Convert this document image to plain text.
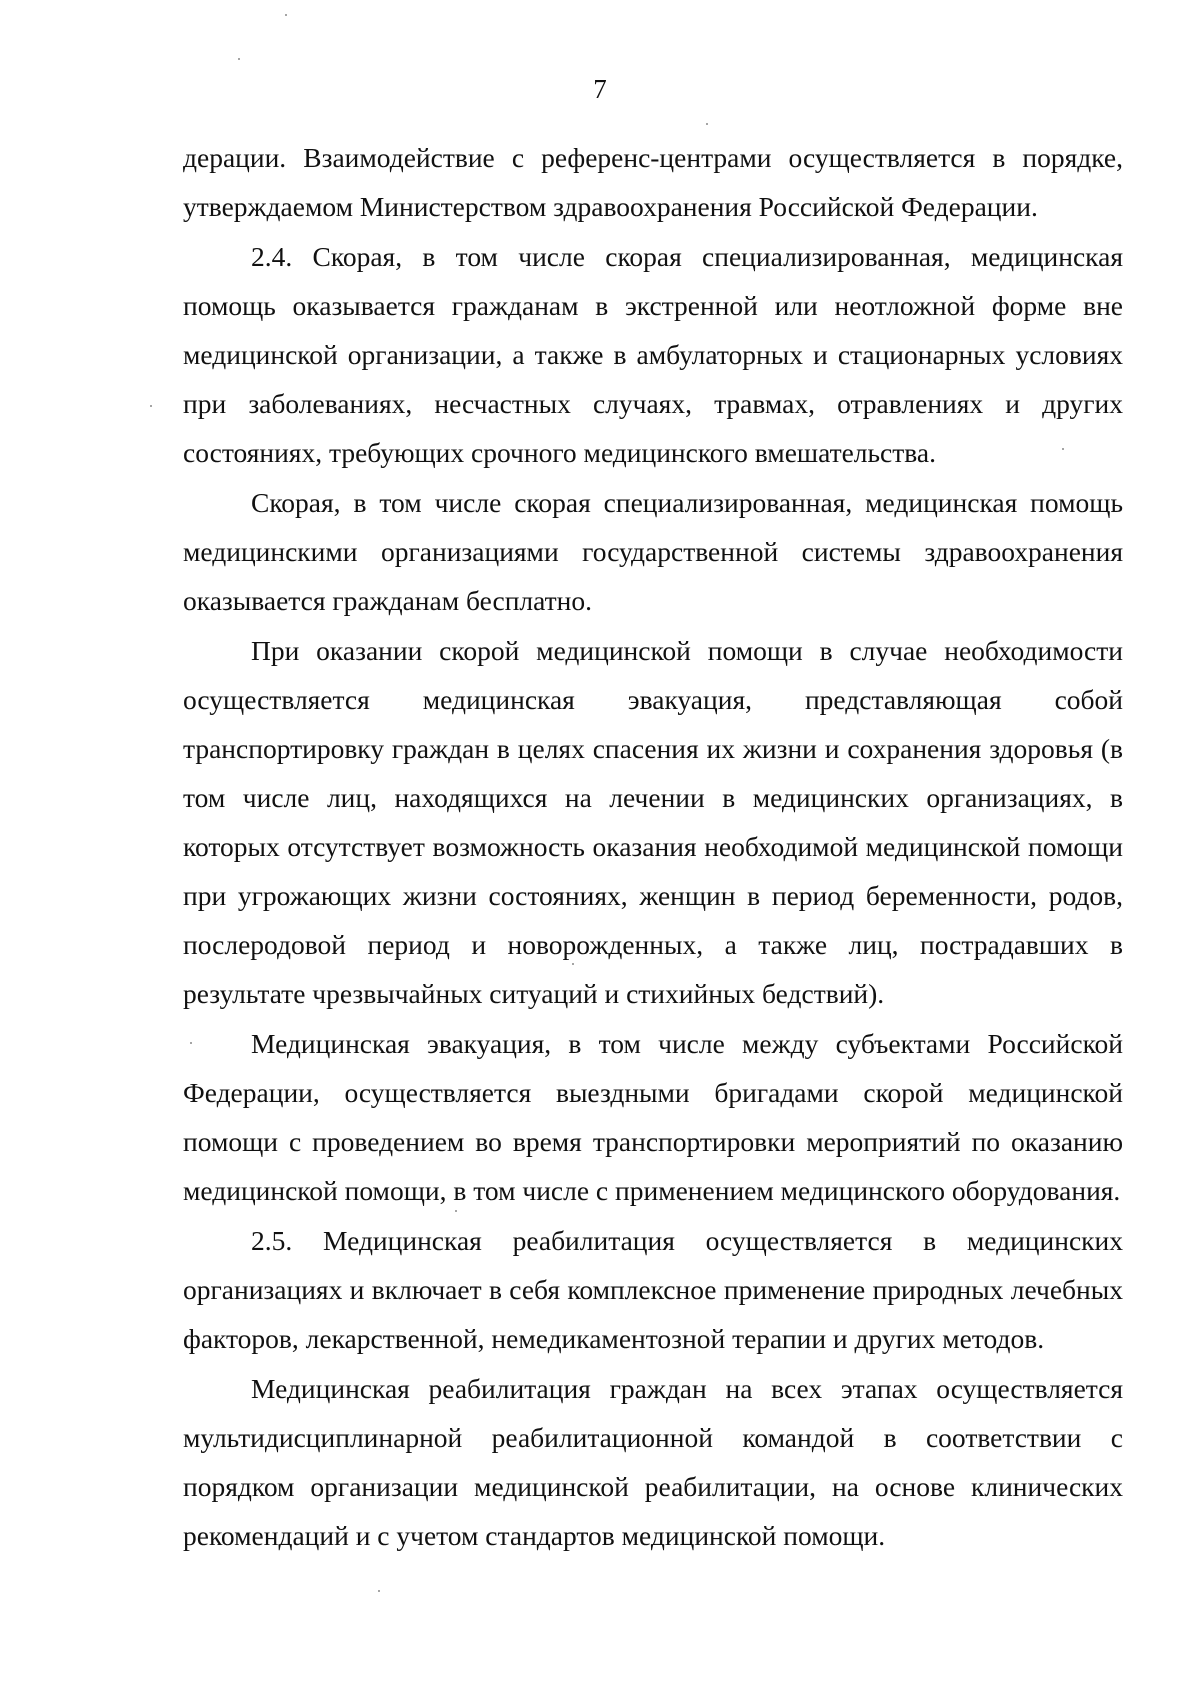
7

дерации. Взаимодействие с референс-центрами осуществляется в порядке, утверждаемом Министерством здравоохранения Российской Федерации.

2.4. Скорая, в том числе скорая специализированная, медицинская помощь оказывается гражданам в экстренной или неотложной форме вне медицинской организации, а также в амбулаторных и стационарных условиях при заболеваниях, несчастных случаях, травмах, отравлениях и других состояниях, требующих срочного медицинского вмешательства.

Скорая, в том числе скорая специализированная, медицинская помощь медицинскими организациями государственной системы здравоохранения оказывается гражданам бесплатно.

При оказании скорой медицинской помощи в случае необходимости осуществляется медицинская эвакуация, представляющая собой транспортировку граждан в целях спасения их жизни и сохранения здоровья (в том числе лиц, находящихся на лечении в медицинских организациях, в которых отсутствует возможность оказания необходимой медицинской помощи при угрожающих жизни состояниях, женщин в период беременности, родов, послеродовой период и новорожденных, а также лиц, пострадавших в результате чрезвычайных ситуаций и стихийных бедствий).

Медицинская эвакуация, в том числе между субъектами Российской Федерации, осуществляется выездными бригадами скорой медицинской помощи с проведением во время транспортировки мероприятий по оказанию медицинской помощи, в том числе с применением медицинского оборудования.

2.5. Медицинская реабилитация осуществляется в медицинских организациях и включает в себя комплексное применение природных лечебных факторов, лекарственной, немедикаментозной терапии и других методов.

Медицинская реабилитация граждан на всех этапах осуществляется мультидисциплинарной реабилитационной командой в соответствии с порядком организации медицинской реабилитации, на основе клинических рекомендаций и с учетом стандартов медицинской помощи.
